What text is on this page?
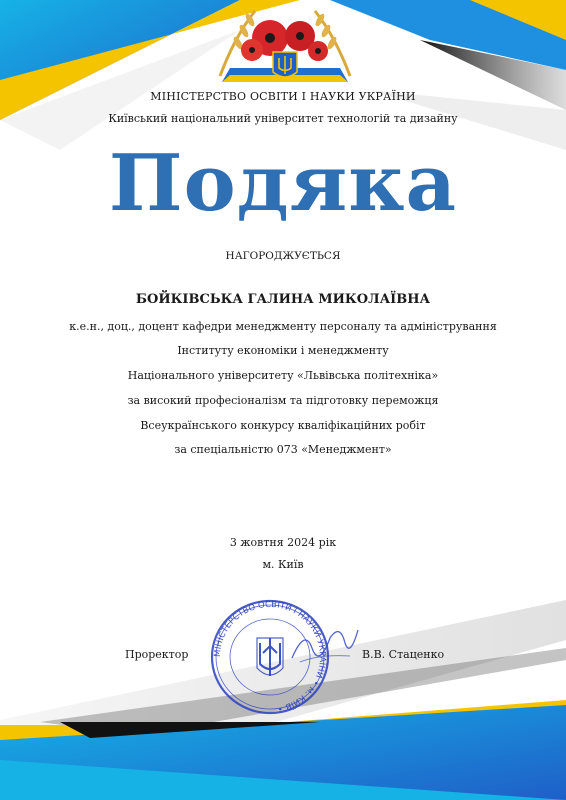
МІНІСТЕРСТВО ОСВІТИ І НАУКИ УКРАЇНИ
Київський національний університет технологій та дизайну
Подяка
НАГОРОДЖУЄТЬСЯ
БОЙКІВСЬКА ГАЛИНА МИКОЛАЇВНА
к.е.н., доц., доцент кафедри менеджменту персоналу та адміністрування
Інституту економіки і менеджменту
Національного університету «Львівська політехніка»
за високий професіоналізм та підготовку переможця
Всеукраїнського конкурсу кваліфікаційних робіт
за спеціальністю 073 «Менеджмент»
3 жовтня 2024 рік
м. Київ
МІНІСТЕРСТВО ОСВІТИ І НАУКИ УКРАЇНИ • м. КИЇВ •
Проректор	В.В. Стаценко
